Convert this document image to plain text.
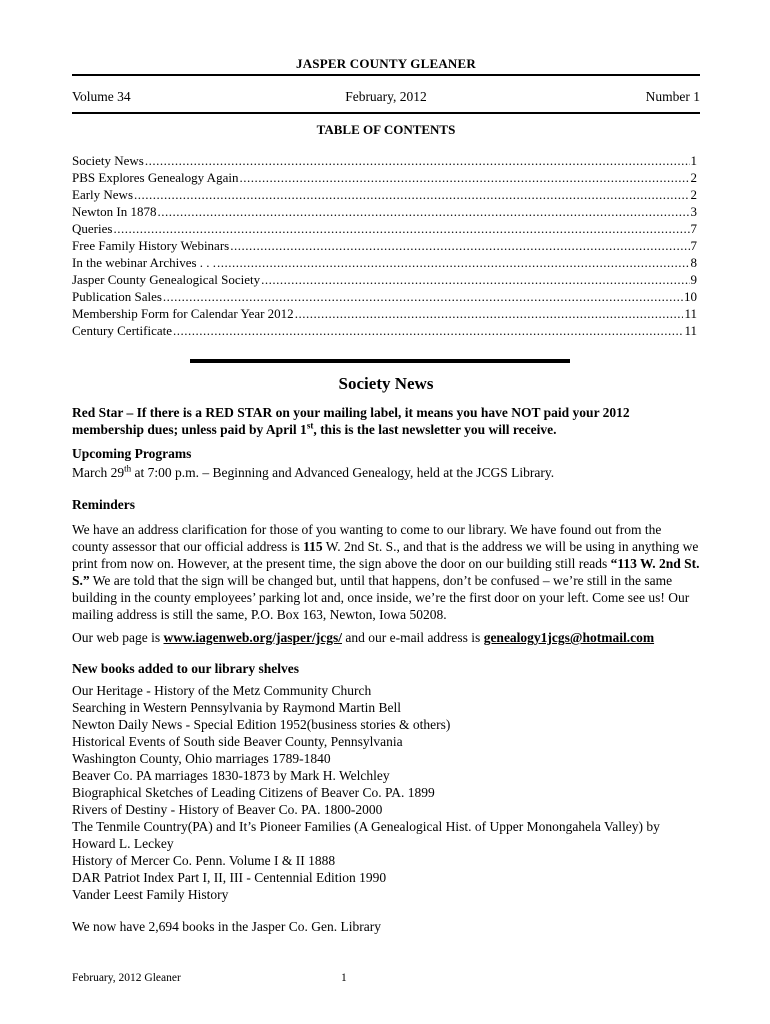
JASPER COUNTY GLEANER
Volume 34	February, 2012	Number 1
TABLE OF CONTENTS
Society News .....	1
PBS Explores Genealogy Again .....	2
Early News .....	2
Newton In 1878 .....	3
Queries .....	7
Free Family History Webinars .....	7
In the webinar Archives . . . .....	8
Jasper County Genealogical Society .....	9
Publication Sales .....	10
Membership Form for Calendar Year 2012 .....	11
Century Certificate .....	11
Society News

Red Star – If there is a RED STAR on your mailing label, it means you have NOT paid your 2012 membership dues; unless paid by April 1st, this is the last newsletter you will receive.

Upcoming Programs

March 29th at 7:00 p.m. – Beginning and Advanced Genealogy, held at the JCGS Library.

Reminders

We have an address clarification for those of you wanting to come to our library. We have found out from the county assessor that our official address is 115 W. 2nd St. S., and that is the address we will be using in anything we print from now on. However, at the present time, the sign above the door on our building still reads “113 W. 2nd St. S.” We are told that the sign will be changed but, until that happens, don’t be confused – we’re still in the same building in the county employees’ parking lot and, once inside, we’re the first door on your left. Come see us! Our mailing address is still the same, P.O. Box 163, Newton, Iowa 50208.

Our web page is www.iagenweb.org/jasper/jcgs/ and our e-mail address is genealogy1jcgs@hotmail.com

New books added to our library shelves

Our Heritage - History of the Metz Community Church

Searching in Western Pennsylvania by Raymond Martin Bell

Newton Daily News - Special Edition 1952(business stories & others)

Historical Events of South side Beaver County, Pennsylvania

Washington County, Ohio marriages 1789-1840

Beaver Co. PA marriages 1830-1873 by Mark H. Welchley

Biographical Sketches of Leading Citizens of Beaver Co. PA. 1899

Rivers of Destiny - History of Beaver Co. PA. 1800-2000

The Tenmile Country(PA) and It’s Pioneer Families (A Genealogical Hist. of Upper Monongahela Valley) by Howard L. Leckey

History of Mercer Co. Penn. Volume I & II 1888

DAR Patriot Index Part I, II, III - Centennial Edition 1990

Vander Leest Family History

We now have 2,694 books in the Jasper Co. Gen. Library

February, 2012 Gleaner	1
